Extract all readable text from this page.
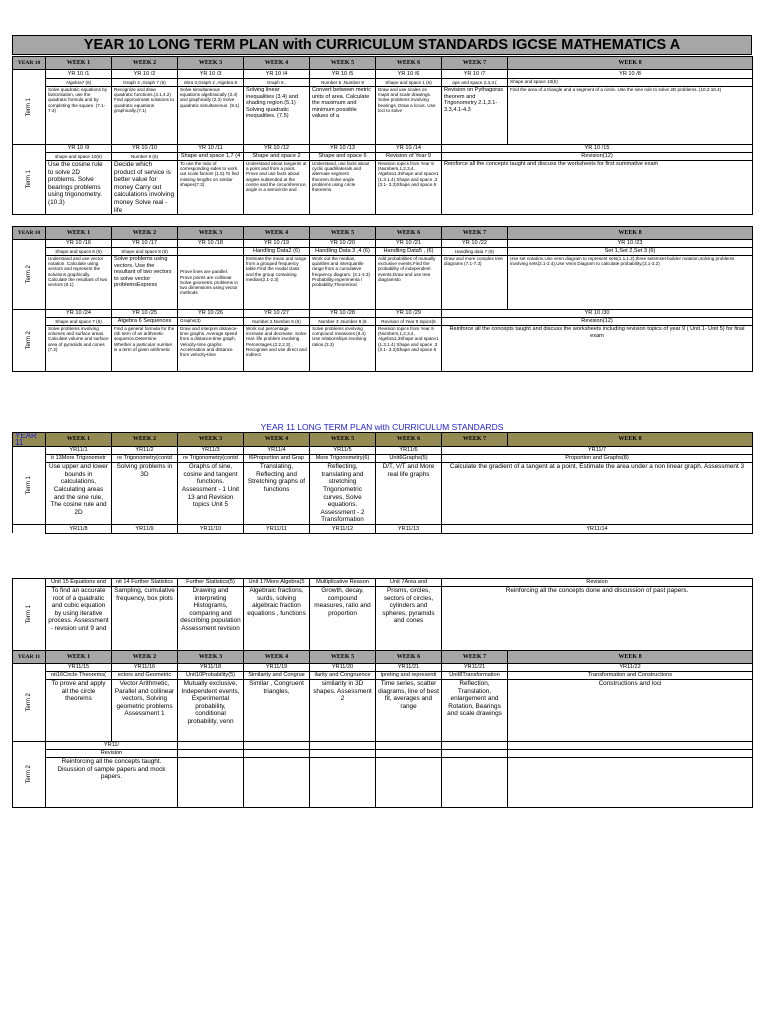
YEAR 10 LONG TERM PLAN with CURRICULUM STANDARDS IGCSE MATHEMATICS A
YEAR 10	WEEK 1	WEEK 2	WEEK 3	WEEK 4	WEEK 5	WEEK 6	WEEK 7	WEEK 8
Term 1	YR 10 /1	YR 10 /2	YR 10 /3	YR 10 /4	YR 10 /5	YR 10 /6	YR 10 /7	YR 10 /8
	Algebra7 (6)	Graph 4 ,Graph 7 (6)	ebra 3,Graph 2 ,Algebra 8	Graph 5 ,	Number 5 ,Number 8	Shape and space 1 (6)	ape and space 2,3,4 (	Shape and space 10(6)
	Solve quadratic equations by factorisation, use the quadratic formula and by completing the square. (7.1-7.4)	Recognize and draw quadratic functions.(4.1,4.2) Find approximate solutions to quadratic equations graphically.(7.1)	Solve simultaneous equations algebraically (3.4) and graphically (2.3) Solve quadratic simultaneous. (9.1)	Solving linear inequalities (3.4) and shading region.(5.1) Solving quadratic inequalities. (7.5)	Convert between metric units of area. Calculate the maximum and minimum possible values of a	Draw and use scales on maps and scale drawings. Solve problems involving bearings. Draw a locus. Use loci to solve	Revision on Pythagoras theorem and Trigonometry 2.1,3.1-3.3,4.1-4.3	Find the area of a triangle and a segment of a circle. Use the sine rule to solve 2D problems. (10.2,10.4)
Term 1	YR 10 /9	YR 10 /10	YR 10 /11	YR 10 /12	YR 10 /13	YR 10 /14	YR 10 /15	
	shape and space 10(6)	Number 9 (6)	Shape and space 1,7 (4	Shape and space 2	Shape and space 6	Revision of Year 9	Revision(12)	
	Use the cosine rule to solve 2D problems. Solve bearings problems using trigonometry.(10.3)	Decide which product of service is better value for money Carry out calculations involving money Solve real -life	To use the ratio of corresponding sides to work out scale factors (1.5).To find missing lengths on similar shapes(7.3)	Understand about tangents at a point and from a point. Prove and use facts about angles subtended at the centre and the circumference, angle in a semicircle and	Understand, use facts about cyclic quadrilaterals and alternate segment theorem.Solve angle problems using circle theorems	Revision topics from Year 9 (Numbers,1,2,3,4, Algebra1,3Shape and space1 (1.3.1.4) Shape and space ,3 (3.1- 3.3)Shape and space 5	Reinforce all the concepts taught and discuss the worksheets for first summative exam	
YEAR 10	WEEK 1	WEEK 2	WEEK 3	WEEK 4	WEEK 5	WEEK 6	WEEK 7	WEEK 8
Term 2	YR 10 /16	YR 10 /17	YR 10 /18	YR 10 /19	YR 10 /20	YR 10 /21	YR 10 /22	YR 10 /23
	Shape and space 8 (6)	Shape and space 8 (6)		Handling Data2 (6)	Handling Data 3 ,4 (6)	Handling Data5 , (6)	Handling data 7 (6)	Set 1,Set 2,Set 3 (6)
	Understand and use vector notation. Calculate using vectors and represent the solutions graphically. Calculate the resultant of two vectors (8.1)	Solve problems using vectors. Use the resultant of two vectors to solve vector problemsExpress	Prove lines are parallel. Prove points are collinear Solve geometric problems in two dimensions using vector methods	Estimate the mean and range from a grouped frequency table.Find the modal class and the group containing median(2.1-2.3)	Work out the median, quartiles and interquartile range from a cumulative frequency diagram. (3.1-3.3) Probability,experimenta l probability,Theoretical	Add probabilities of mutually exclusive events.Find the probability of independent events,Draw and use tree diagramsto	Draw and more complex tree diagrams (7.1-7.3)	Use set notation,Use venn diagram to represent sets(1.1,1.2),three setsmset-builder notation,solving problems involving sets(2.1-2.4),Use Venn Diagram to calculate probability.(3.1-3.2)
Term 2	YR 10 /24	YR 10 /25	YR 10 /26	YR 10 /27	YR 10 /28	YR 10 /29	YR 10 /30	
	Shape and space 7 (6)	Algebra 6 Sequences	Graphs(3)	Number 2,Number 6 (6)	Number 3 ,Number 8 (6	Revision of Year 9 topics(6	Revision(12)	
	Solve problems involving volumes and surface areas. Calculate volume and surface area of pyramids and cones (7.2)	Find a general formula for the nth term of an arithmetic sequence,Determine Whether a particular number is a term of given arithmetic	Draw and interpret distance-time graphs. Average speed from a distance-time graph. Velocity-time graphs. Acceleration and distance from velocity-time	Work out percentage increase and decrease. Solve real- life problem involving Percentages.(2.2,2.3) , Recognise and use direct and indirect	Solve problems involving compound measures.(8.4) Use relationships involving ratios.(3.3)	Revision topics from Year 9 (Numbers,1,2,3,4, Algebra1,3Shape and space1 (1.3.1.4) Shape and space ,3 (3.1- 3.3)Shape and space 5	Reinforce all the concepts taught and discuss the worksheets including revision topics of year 9 ( Unit 1- Unit 5) for final exam	
YEAR 11 LONG TERM PLAN with CURRICULUM STANDARDS
YEAR 11	WEEK 1	WEEK 2	WEEK 3	WEEK 4	WEEK 5	WEEK 6	WEEK 7	WEEK 8
Term 1	YR11/1	YR11/2	YR11/3	YR11/4	YR11/5	YR11/6	YR11/7	
	it 13More Trigonometr	re Trigonometry(contd	re Trigonometry(contd	l6Proportion and Grap	More Trigonometry(6)	Unit6Graphs(5)	Proportion and Graphs(8)	
	Use upper and lower bounds in calculations, Calculating areas and the sine rule, The cosine rule and 2D	Solving problems in 3D	Graphs of sine, cosine and tangent functions. Assessment - 1 Unit 13 and Revision topics Unit 5	Translating, Reflecting and Stretching graphs of functions	Reflecting, translating and stretching Trigonometric curves, Solve equations. Assessment - 2 Transformation	D/T, V/T and More real life graphs	Calculate the gradient of a tangent at a point, Estimate the area under a non linear graph. Assessment 3	
	YR11/8	YR11/9	YR11/10	YR11/11	YR11/12	YR11/13	YR11/14	
Term 1	Unit 15 Equations and	nit 14 Further Statistics	Further Statistics(5)	Unit 17More Algebra(5	Multiplicative Reason	Unit 7Area and	Revision	
	To find an accurate root of a quadratic and cubic equation by using iterative process. Assessment - revision unit 9 and	Sampling, cumulative frequency, box plots	Drawing and interpreting Histograms, comparing and describing population Assessment revision	Algebraic fractions, surds, solving algebraic fraction equations , functions	Growth, decay, compound measures, ratio and proportion	Prisms, circles, sectors of circles, cylinders and spheres, pyramids and cones	Reinforcing all the concepts done and discussion of past papers.	
YEAR 11	WEEK 1	WEEK 2	WEEK 3	WEEK 4	WEEK 5	WEEK 6	WEEK 7	WEEK 8
Term 2	YR11/15	YR11/16	YR11/18	YR11/19	YR11/20	YR11/21	YR11/21	YR11/22
	nit16Circle Theorems(	ectors and Geometric	Unit10Probability(5)	Similarity and Congrue	ilarity and Congruence	ipreting and representi	Unit8Transformation	Transformation and Constructions
	To prove and apply all the circle theorems	Vector Arithmetic, Parallel and collinear vectors, Solving geometric problems Assessment 1	Mutually exclusive, Independent events, Experimental probability, conditional probability, venn	Similar , Congruent triangles,	similarity in 3D shapes. Assessment 2	Time series, scatter diagrams, line of best fit, averages and range	Reflection, Translation, enlargement and Rotation, Bearings and scale drawings	Constructions and loci
Term 2	YR11/							
	Revision							
	Reinforcing all the concepts taught. Disussion of sample papers and mock papers.							
